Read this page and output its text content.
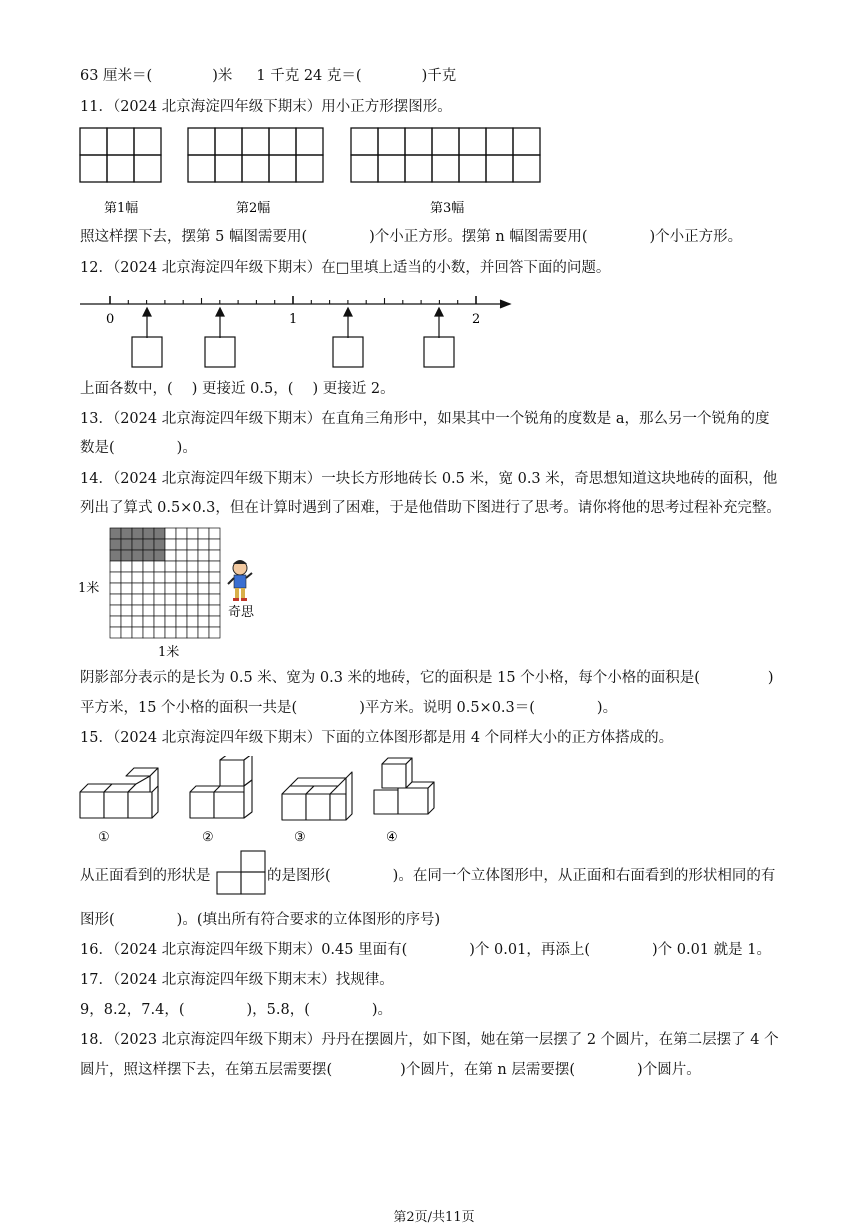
63 厘米＝(	)米 1 千克 24 克＝(	)千克
11．（2024 北京海淀四年级下期末）用小正方形摆图形。
第1幅	第2幅	第3幅
照这样摆下去，摆第 5 幅图需要用(	)个小正方形。摆第 n 幅图需要用(	)个小正方形。
12．（2024 北京海淀四年级下期末）在□里填上适当的小数，并回答下面的问题。
0	1	2
上面各数中，(　 ) 更接近 0.5，(　 ) 更接近 2。
13．（2024 北京海淀四年级下期末）在直角三角形中，如果其中一个锐角的度数是 a，那么另一个锐角的度
数是(	)。
14．（2024 北京海淀四年级下期末）一块长方形地砖长 0.5 米，宽 0.3 米，奇思想知道这块地砖的面积，他
列出了算式 0.5×0.3，但在计算时遇到了困难，于是他借助下图进行了思考。请你将他的思考过程补充完整。
1米
1米
奇思
阴影部分表示的是长为 0.5 米、宽为 0.3 米的地砖，它的面积是 15 个小格，每个小格的面积是(	)
平方米，15 个小格的面积一共是(	)平方米。说明 0.5×0.3＝(	)。
15．（2024 北京海淀四年级下期末）下面的立体图形都是用 4 个同样大小的正方体搭成的。
①	②	③	④
从正面看到的形状是	的是图形(	)。在同一个立体图形中，从正面和右面看到的形状相同的有
图形(	)。(填出所有符合要求的立体图形的序号)
16．（2024 北京海淀四年级下期末）0.45 里面有(	)个 0.01，再添上(	)个 0.01 就是 1。
17．（2024 北京海淀四年级下期末末）找规律。
9，8.2，7.4，(	)，5.8，(	)。
18．（2023 北京海淀四年级下期末）丹丹在摆圆片，如下图，她在第一层摆了 2 个圆片，在第二层摆了 4 个
圆片，照这样摆下去，在第五层需要摆(	)个圆片，在第 n 层需要摆(	)个圆片。
第2页/共11页
